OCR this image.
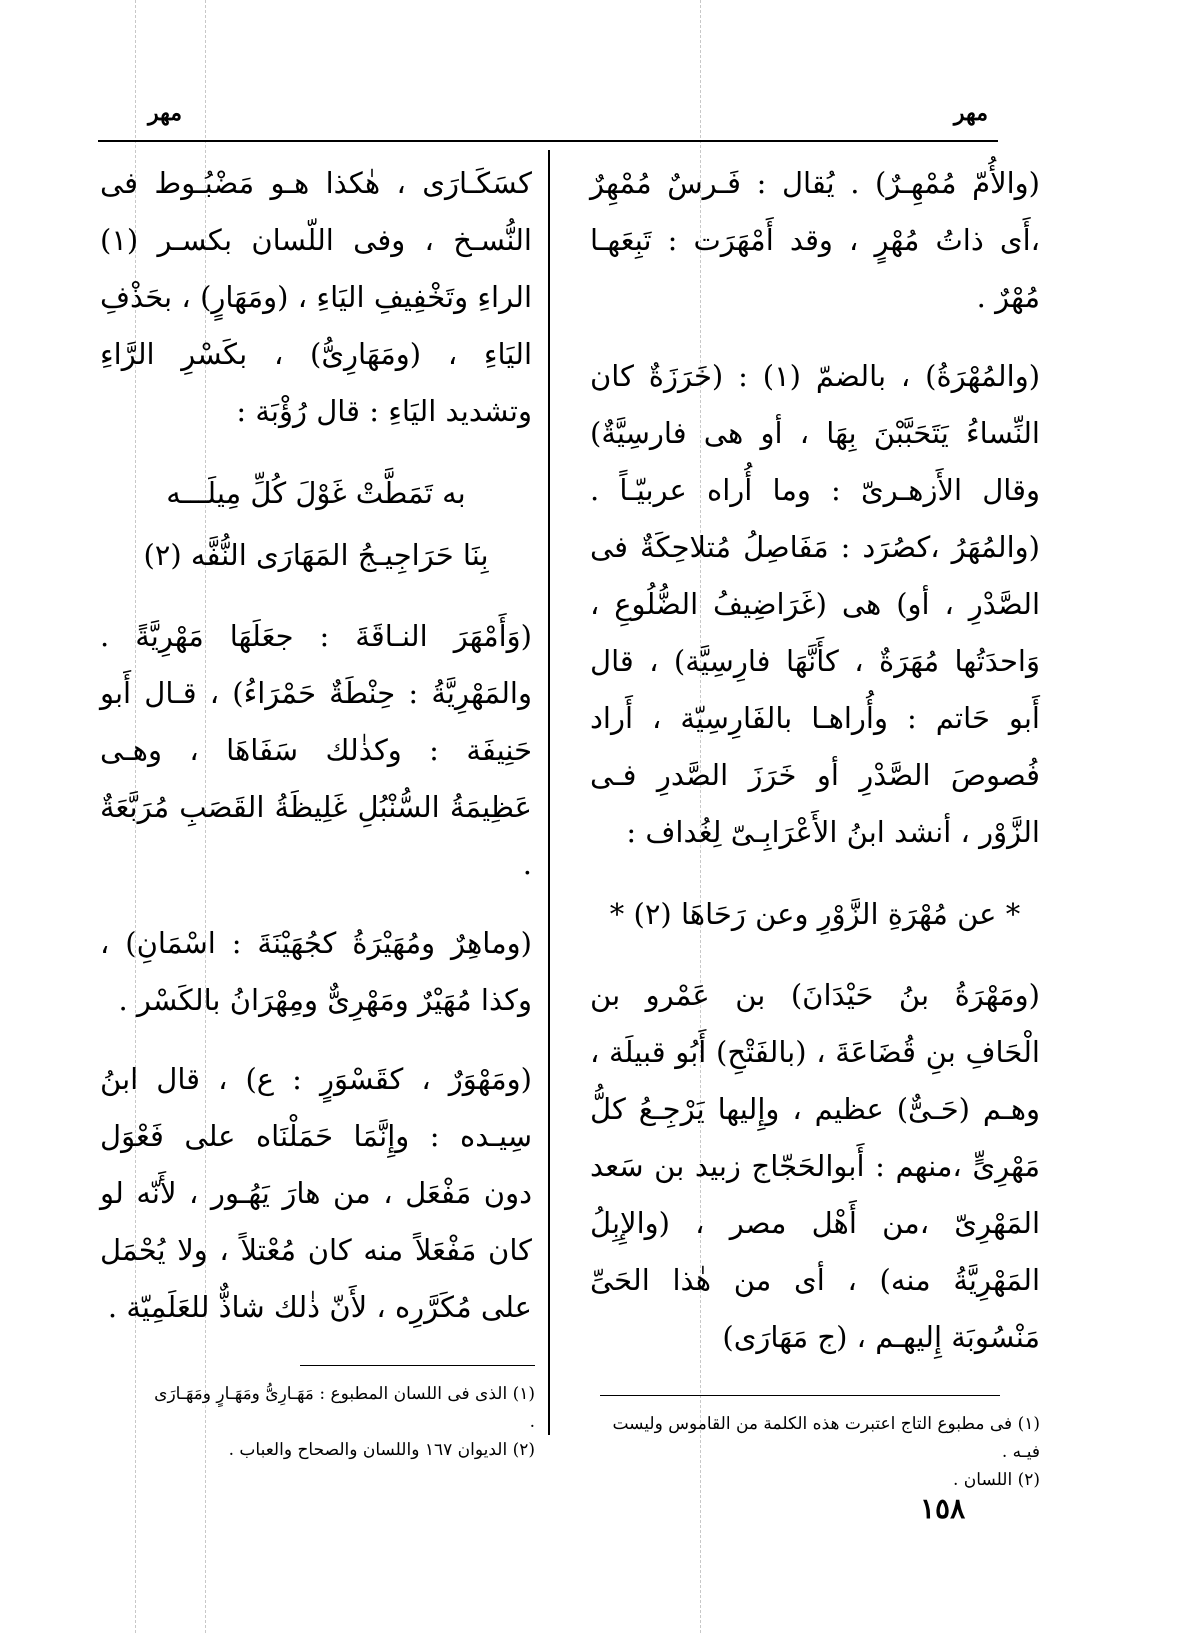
مهر	مهر

(والأُمّ مُمْهِـرٌ) . يُقال : فَـرسٌ مُمْهِرٌ ،أَى ذاتُ مُهْرٍ ، وقد أَمْهَرَت : تَبِعَهـا مُهْرٌ .

(والمُهْرَةُ) ، بالضمّ (١) : (خَرَزَةٌ كان النِّساءُ يَتَحَبَّبْنَ بِهَا ، أو هى فارسِيَّةٌ) وقال الأَزهـرىّ : وما أُراه عربيّـاً . (والمُهَرُ ،كصُرَد : مَفَاصِلُ مُتلاحِكَةٌ فى الصَّدْرِ ، أو) هى (غَرَاضِيفُ الضُّلُوعِ ، وَاحدَتُها مُهَرَةٌ ، كأَنَّهَا فارِسِيَّة) ، قال أَبو حَاتم : وأُراهـا بالفَارِسِيّة ، أَراد فُصوصَ الصَّدْرِ أو خَرَزَ الصَّدرِ فـى الزَّوْر ، أنشد ابنُ الأَعْرَابِـىّ لِغُداف :

* عن مُهْرَةِ الزَّوْرِ وعن رَحَاهَا (٢) *

(ومَهْرَةُ بنُ حَيْدَانَ) بن عَمْرو بن الْحَافِ بنِ قُضَاعَةَ ، (بالفَتْحِ) أَبُو قبيلَة ، وهـم (حَـىٌّ) عظيم ، وإِليها يَرْجِـعُ كلُّ مَهْرِىٍّ ،منهم : أَبوالحَجّاج زبيد بن سَعد المَهْرِىّ ،من أَهْل مصر ، (والإِبِلُ المَهْرِيَّةُ منه) ، أى من هٰذا الحَىِّ مَنْسُوبَة إِليهـم ، (ج مَهَارَى)

كسَكَـارَى ، هٰكذا هـو مَضْبُـوط فى النُّسـخ ، وفى اللّسان بكسـر (١) الراءِ وتَخْفِيفِ اليَاءِ ، (ومَهَارٍ) ، بحَذْفِ اليَاءِ ، (ومَهَارِىُّ) ، بكَسْرِ الرَّاءِ وتشديد اليَاءِ : قال رُؤْبَة :

به تَمَطَّتْ غَوْلَ كُلِّ مِيلَـــه

بِنَا حَرَاجِيـجُ المَهَارَى النُّفَّه (٢)

(وَأَمْهَرَ النـاقَةَ : جعَلَهَا مَهْرِيَّةً . والمَهْرِيَّةُ : حِنْطَةٌ حَمْرَاءُ) ، قـال أَبو حَنِيفَة : وكذٰلك سَفَاهَا ، وهـى عَظِيمَةُ السُّنْبُلِ غَلِيظَةُ القَصَبِ مُرَبَّعَةٌ .

(وماهِرٌ ومُهَيْرَةُ كجُهَيْنَةَ : اسْمَانِ) ، وكذا مُهَيْرٌ ومَهْرِىٌّ ومِهْرَانُ بالكَسْر .

(ومَهْوَرٌ ، كقَسْوَرٍ : ع) ، قال ابنُ سِيـده : وإِنَّمَا حَمَلْنَاه على فَعْوَل دون مَفْعَل ، من هارَ يَهُـور ، لأَنّه لو كان مَفْعَلاً منه كان مُعْتلاً ، ولا يُحْمَل على مُكَرَّرِه ، لأَنّ ذٰلك شاذٌّ للعَلَمِيّة .

(١) فى مطبوع التاج اعتبرت هذه الكلمة من القاموس وليست فيـه .

(٢) اللسان .

(١) الذى فى اللسان المطبوع : مَهَـارِىُّ ومَهَـارٍ ومَهَـارَى .

(٢) الديوان ١٦٧ واللسان والصحاح والعباب .

١٥٨
